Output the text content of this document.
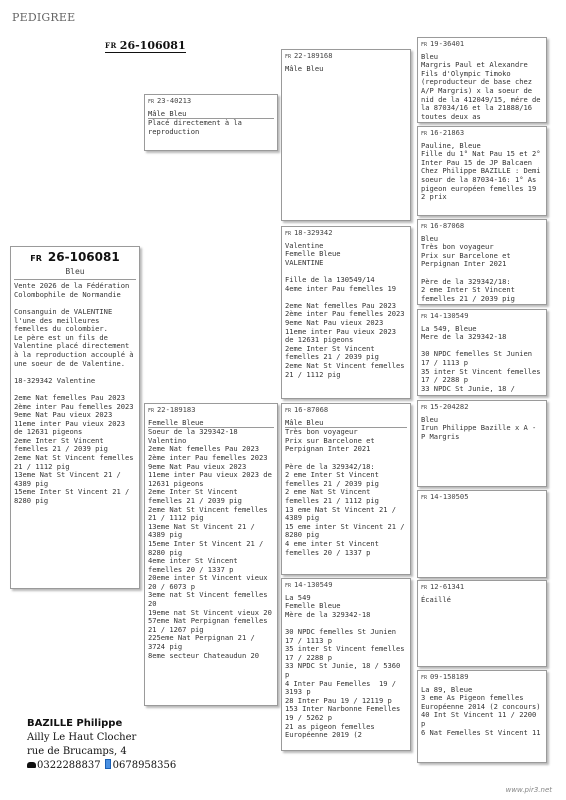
PEDIGREE
FR 26-106081
FR 26-106081
Bleu
Vente 2026 de la Fédération Colombophile de Normandie

Consanguin de VALENTINE l'une des meilleures femelles du colombier.
Le père est un fils de Valentine placé directement à la reproduction accouplé à une soeur de de Valentine.

18-329342 Valentine

2eme Nat femelles Pau 2023
2ème inter Pau femelles 2023
9eme Nat Pau vieux 2023
11eme inter Pau vieux 2023 de 12631 pigeons
2eme Inter St Vincent femelles 21 / 2039 pig
2eme Nat St Vincent femelles 21 / 1112 pig
13eme Nat St Vincent 21 / 4389 pig
15eme Inter St Vincent 21 / 8280 pig
FR 23-40213
Mâle Bleu
Placé directement à la reproduction
FR 22-189183
Femelle Bleue
Soeur de la 329342-18 Valentino
2eme Nat femelles Pau 2023
2ème inter Pau femelles 2023
9eme Nat Pau vieux 2023
11eme inter Pau vieux 2023 de 12631 pigeons
2eme Inter St Vincent femelles 21 / 2039 pig
2eme Nat St Vincent femelles 21 / 1112 pig
13eme Nat St Vincent 21 / 4389 pig
15eme Inter St Vincent 21 / 8280 pig
4eme inter St Vincent femelles 20 / 1337 p
20eme inter St Vincent vieux 20 / 6073 p
3eme nat St Vincent femelles 20
19eme nat St Vincent vieux 20
57eme Nat Perpignan femelles 21 / 1267 pig
225eme Nat Perpignan 21 / 3724 pig
8eme secteur Chateaudun 20
FR 22-189168
Mâle Bleu
FR 18-329342
Valentine
Femelle Bleue
VALENTINE

Fille de la 130549/14
4eme inter Pau femelles 19

2eme Nat femelles Pau 2023
2ème inter Pau femelles 2023
9eme Nat Pau vieux 2023
11eme inter Pau vieux 2023 de 12631 pigeons
2eme Inter St Vincent femelles 21 / 2039 pig
2eme Nat St Vincent femelles 21 / 1112 pig
FR 16-87068
Mâle Bleu
Très bon voyageur
Prix sur Barcelone et Perpignan Inter 2021

Père de la 329342/18:
2 eme Inter St Vincent femelles 21 / 2039 pig
2 eme Nat St Vincent femelles 21 / 1112 pig
13 eme Nat St Vincent 21 / 4389 pig
15 eme inter St Vincent 21 / 8280 pig
4 eme inter St Vincent femelles 20 / 1337 p
FR 14-130549
La 549
Femelle Bleue
Mère de la 329342-18

30 NPDC femelles St Junien 17 / 1113 p
35 inter St Vincent femelles 17 / 2288 p
33 NPDC St Junie, 18 / 5360 p
4 Inter Pau Femelles  19 / 3193 p
28 Inter Pau 19 / 12119 p
153 Inter Narbonne Femelles 19 / 5262 p
21 as pigeon femelles Européenne 2019 (2
FR 19-36401
Bleu
Margris Paul et Alexandre Fils d'Olympic Timoko (reproducteur de base chez A/P Margris) x la soeur de nid de la 412049/15, mére de la 87034/16 et la 21888/16 toutes deux as
FR 16-21863
Pauline, Bleue
Fille du 1° Nat Pau 15 et 2° Inter Pau 15 de JP Balcaen
Chez Philippe BAZILLE : Demi soeur de la 87034-16: 1° As pigeon européen femelles 19  2 prix
FR 16-87068
Bleu
Très bon voyageur
Prix sur Barcelone et Perpignan Inter 2021

Père de la 329342/18:
2 eme Inter St Vincent femelles 21 / 2039 pig
FR 14-130549
La 549, Bleue
Mere de la 329342-18

30 NPDC femelles St Junien 17 / 1113 p
35 inter St Vincent femelles 17 / 2288 p
33 NPDC St Junie, 18 /
FR 15-204282
Bleu
Irun Philippe Bazille x A - P Margris
FR 14-130505
FR 12-61341
Écaillé
FR 09-158189
La 89, Bleue
3 eme As Pigeon femelles Européenne 2014 (2 concours)
40 Int St Vincent 11 / 2200  p
6 Nat Femelles St Vincent 11
BAZILLE Philippe
Ailly Le Haut Clocher
rue de Brucamps, 4
0322288837 0678958356
www.pir3.net
